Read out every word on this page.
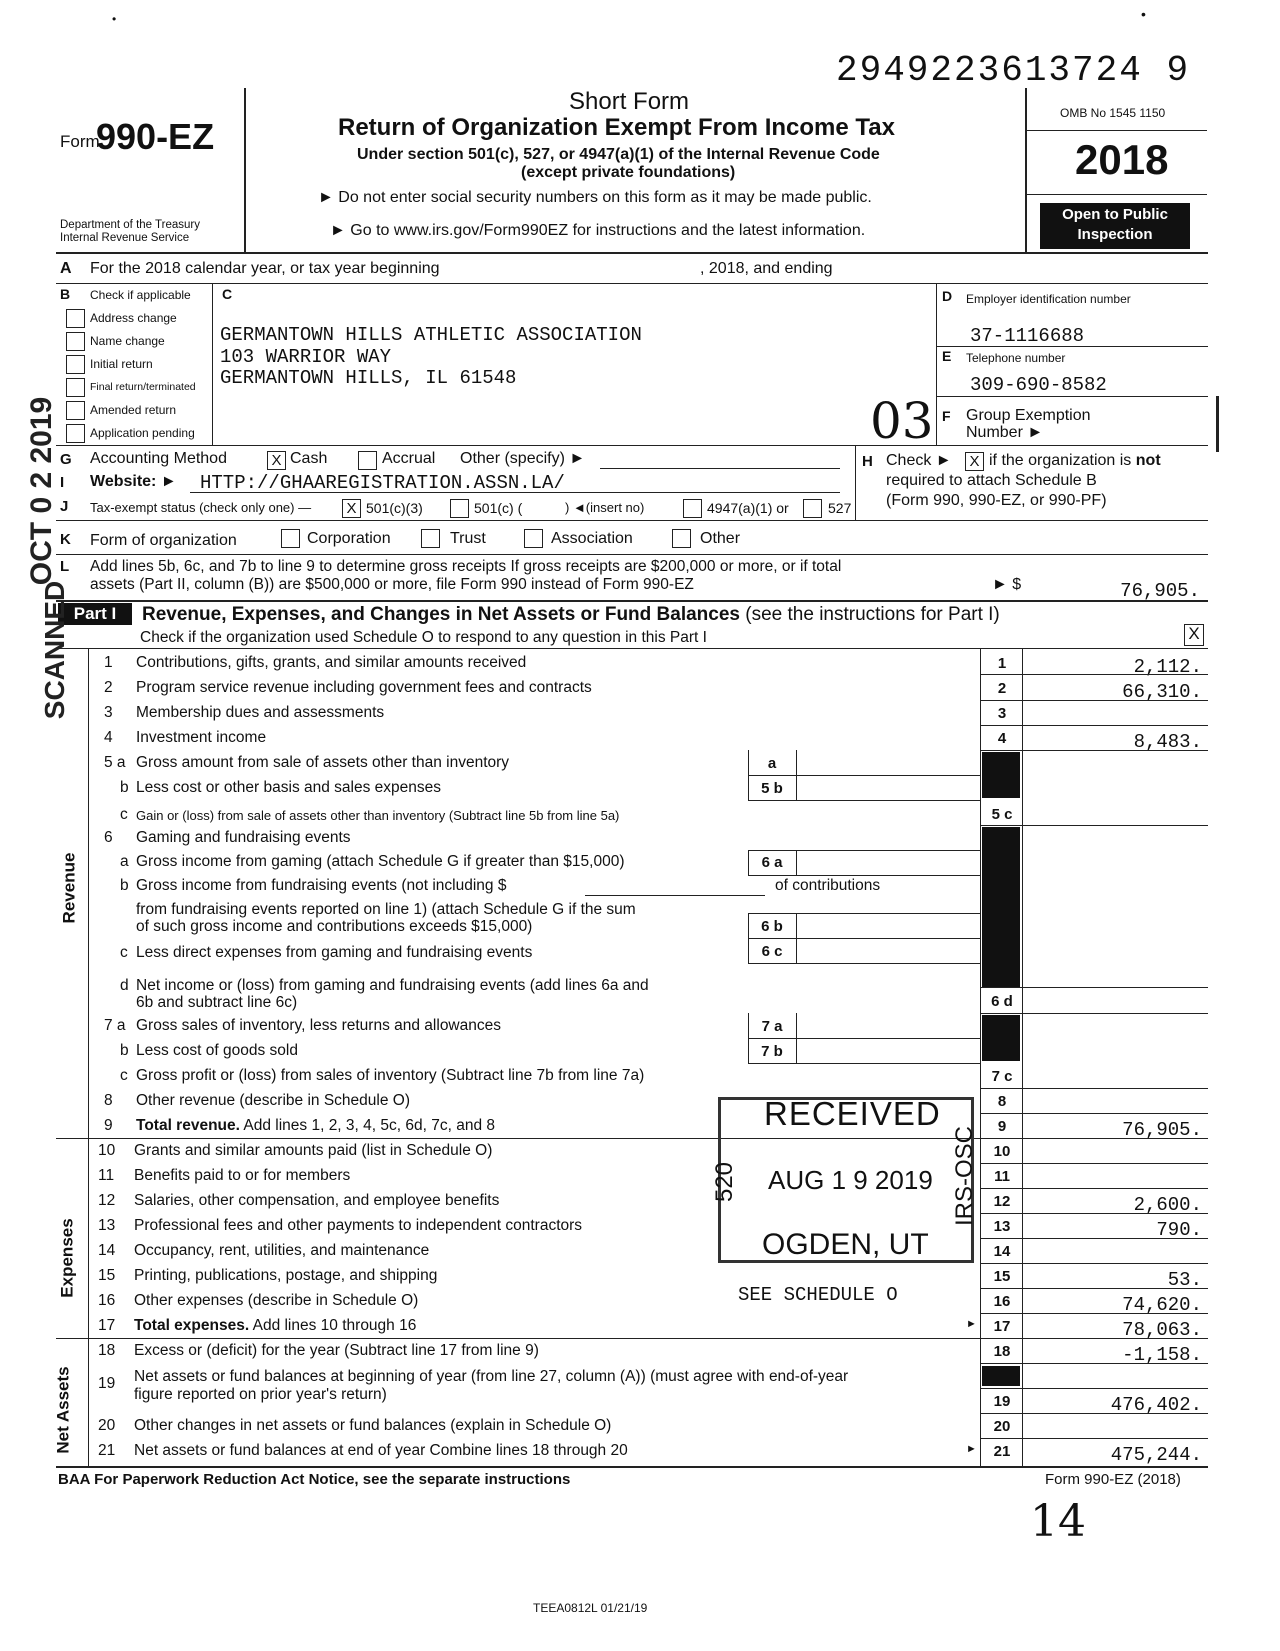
2949223613724 9
Form
990-EZ
Department of the Treasury
Internal Revenue Service
Short Form
Return of Organization Exempt From Income Tax
Under section 501(c), 527, or 4947(a)(1) of the Internal Revenue Code
(except private foundations)
► Do not enter social security numbers on this form as it may be made public.
► Go to www.irs.gov/Form990EZ for instructions and the latest information.
OMB No 1545 1150
2018
Open to Public Inspection
A For the 2018 calendar year, or tax year beginning	, 2018, and ending
B Check if applicable C
Address change
Name change
Initial return
Final return/terminated
Amended return
Application pending
GERMANTOWN HILLS ATHLETIC ASSOCIATION
103 WARRIOR WAY
GERMANTOWN HILLS, IL 61548
03
D Employer identification number
37-1116688
E Telephone number
309-690-8582
F Group Exemption
Number ►
G Accounting Method	X Cash	Accrual Other (specify) ►	H Check ► X if the organization is not
required to attach Schedule B
(Form 990, 990-EZ, or 990-PF)
I Website: ► HTTP://GHAAREGISTRATION.ASSN.LA/
J Tax-exempt status (check only one) — X 501(c)(3)	501(c) (	) ◄(insert no)	4947(a)(1) or	527
K Form of organization	Corporation	Trust	Association	Other
L Add lines 5b, 6c, and 7b to line 9 to determine gross receipts If gross receipts are $200,000 or more, or if total
assets (Part II, column (B)) are $500,000 or more, file Form 990 instead of Form 990-EZ	► $	76,905.
Part I	Revenue, Expenses, and Changes in Net Assets or Fund Balances (see the instructions for Part I)
Check if the organization used Schedule O to respond to any question in this Part I	X
Revenue
Expenses
Net Assets
1 Contributions, gifts, grants, and similar amounts received	1	2,112.
2 Program service revenue including government fees and contracts	2	66,310.
3 Membership dues and assessments	3
4 Investment income	4	8,483.
5 a Gross amount from sale of assets other than inventory	a
b Less cost or other basis and sales expenses	5 b
c Gain or (loss) from sale of assets other than inventory (Subtract line 5b from line 5a)	5 c
6 Gaming and fundraising events
a Gross income from gaming (attach Schedule G if greater than $15,000)	6 a
b Gross income from fundraising events (not including $	of contributions
from fundraising events reported on line 1) (attach Schedule G if the sum
of such gross income and contributions exceeds $15,000)	6 b
c Less direct expenses from gaming and fundraising events	6 c
d Net income or (loss) from gaming and fundraising events (add lines 6a and
6b and subtract line 6c)	6 d
7 a Gross sales of inventory, less returns and allowances	7 a
b Less cost of goods sold	7 b
c Gross profit or (loss) from sales of inventory (Subtract line 7b from line 7a)	7 c
8 Other revenue (describe in Schedule O)	8
9 Total revenue. Add lines 1, 2, 3, 4, 5c, 6d, 7c, and 8	9	76,905.
10 Grants and similar amounts paid (list in Schedule O)	10
11 Benefits paid to or for members	11
12 Salaries, other compensation, and employee benefits	12	2,600.
13 Professional fees and other payments to independent contractors	13	790.
14 Occupancy, rent, utilities, and maintenance	14
15 Printing, publications, postage, and shipping	15	53.
16 Other expenses (describe in Schedule O)	SEE SCHEDULE O	16	74,620.
17 Total expenses. Add lines 10 through 16	►	17	78,063.
18 Excess or (deficit) for the year (Subtract line 17 from line 9)	18	-1,158.
19 Net assets or fund balances at beginning of year (from line 27, column (A)) (must agree with end-of-year
figure reported on prior year's return)	19	476,402.
20 Other changes in net assets or fund balances (explain in Schedule O)	20
21 Net assets or fund balances at end of year Combine lines 18 through 20	►	21	475,244.
RECEIVED
AUG 1 9 2019
OGDEN, UT
520	IRS-OSC
OCT 0 2 2019
SCANNED
BAA For Paperwork Reduction Act Notice, see the separate instructions	Form 990-EZ (2018)
14
TEEA0812L 01/21/19
•	•
